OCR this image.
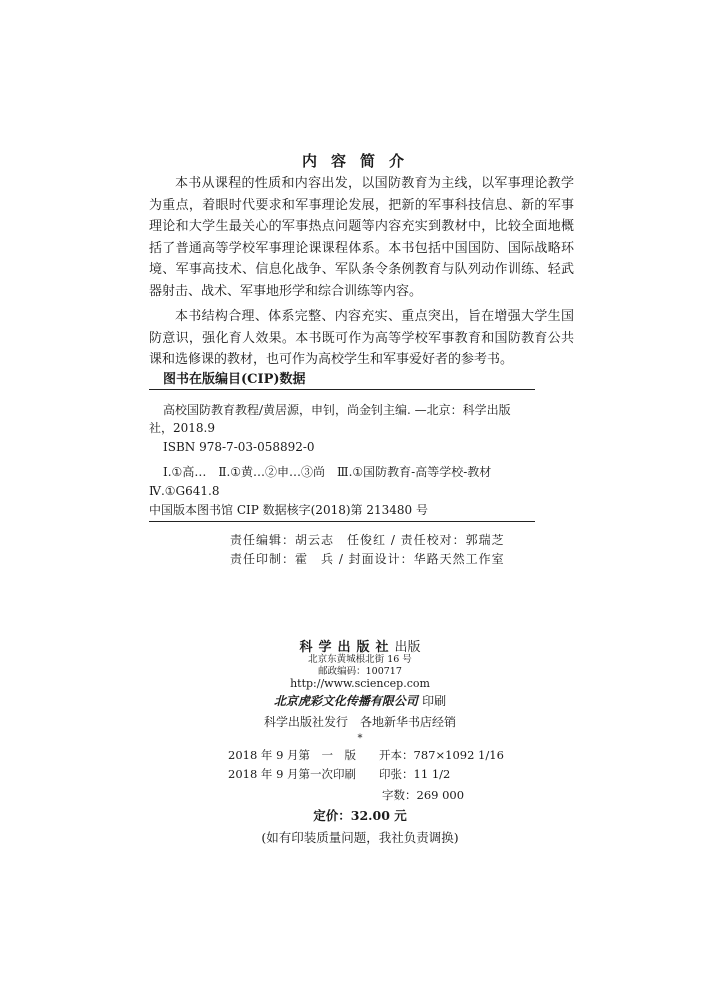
内容简介

本书从课程的性质和内容出发，以国防教育为主线，以军事理论教学为重点，着眼时代要求和军事理论发展，把新的军事科技信息、新的军事理论和大学生最关心的军事热点问题等内容充实到教材中，比较全面地概括了普通高等学校军事理论课课程体系。本书包括中国国防、国际战略环境、军事高技术、信息化战争、军队条令条例教育与队列动作训练、轻武器射击、战术、军事地形学和综合训练等内容。

本书结构合理、体系完整、内容充实、重点突出，旨在增强大学生国防意识，强化育人效果。本书既可作为高等学校军事教育和国防教育公共课和选修课的教材，也可作为高校学生和军事爱好者的参考书。

图书在版编目(CIP)数据
高校国防教育教程/黄居源，申钊，尚金钊主编. —北京：科学出版
社，2018.9
ISBN 978-7-03-058892-0
Ⅰ.①高…　Ⅱ.①黄…②申…③尚　Ⅲ.①国防教育-高等学校-教材
Ⅳ.①G641.8
中国版本图书馆 CIP 数据核字(2018)第 213480 号
责任编辑：胡云志　任俊红 / 责任校对：郭瑞芝
责任印制：霍　兵 / 封面设计：华路天然工作室
科学出版社出版
北京东黄城根北街 16 号
邮政编码：100717
http://www.sciencep.com
北京虎彩文化传播有限公司 印刷
科学出版社发行　各地新华书店经销
*
2018 年 9 月第　一　版　　开本：787×1092 1/16
2018 年 9 月第一次印刷　　印张：11 1/2
字数：269 000
定价：32.00 元
(如有印装质量问题，我社负责调换)
